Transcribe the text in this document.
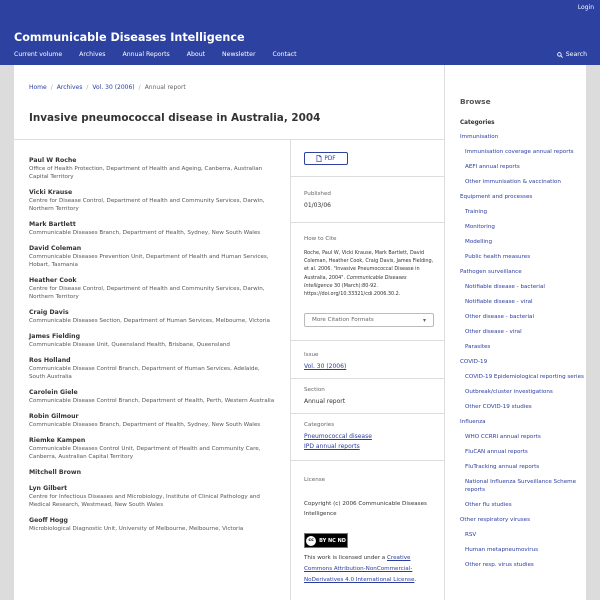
Login
Communicable Diseases Intelligence
Current volume	Archives	Annual Reports	About	Newsletter	Contact	Search
Home / Archives / Vol. 30 (2006) / Annual report
Invasive pneumococcal disease in Australia, 2004
Paul W Roche
Office of Health Protection, Department of Health and Ageing, Canberra, Australian Capital Territory
Vicki Krause
Centre for Disease Control, Department of Health and Community Services, Darwin, Northern Territory
Mark Bartlett
Communicable Diseases Branch, Department of Health, Sydney, New South Wales
David Coleman
Communicable Diseases Prevention Unit, Department of Health and Human Services, Hobart, Tasmania
Heather Cook
Centre for Disease Control, Department of Health and Community Services, Darwin, Northern Territory
Craig Davis
Communicable Diseases Section, Department of Human Services, Melbourne, Victoria
James Fielding
Communicable Disease Unit, Queensland Health, Brisbane, Queensland
Ros Holland
Communicable Disease Control Branch, Department of Human Services, Adelaide, South Australia
Carolein Giele
Communicable Disease Control Branch, Department of Health, Perth, Western Australia
Robin Gilmour
Communicable Diseases Branch, Department of Health, Sydney, New South Wales
Riemke Kampen
Communicable Diseases Control Unit, Department of Health and Community Care, Canberra, Australian Capital Territory
Mitchell Brown
Lyn Gilbert
Centre for Infectious Diseases and Microbiology, Institute of Clinical Pathology and Medical Research, Westmead, New South Wales
Geoff Hogg
Microbiological Diagnostic Unit, University of Melbourne, Melbourne, Victoria
PDF
Published
01/03/06
How to Cite
Roche, Paul W, Vicki Krause, Mark Bartlett, David Coleman, Heather Cook, Craig Davis, James Fielding, et al. 2006. "Invasive Pneumococcal Disease in Australia, 2004". Communicable Diseases Intelligence 30 (March):80-92. https://doi.org/10.33321/cdi.2006.30.2.
More Citation Formats	▾
Issue
Vol. 30 (2006)
Section
Annual report
Categories
Pneumococcal disease
IPD annual reports
License
Copyright (c) 2006 Communicable Diseases Intelligence
cc	BY NC ND
This work is licensed under a Creative Commons Attribution-NonCommercial-NoDerivatives 4.0 International License.
Browse
Categories
Immunisation
Immunisation coverage annual reports
AEFI annual reports
Other immunisation & vaccination
Equipment and processes
Training
Monitoring
Modelling
Public health measures
Pathogen surveillance
Notifiable disease - bacterial
Notifiable disease - viral
Other disease - bacterial
Other disease - viral
Parasites
COVID-19
COVID-19 Epidemiological reporting series
Outbreak/cluster investigations
Other COVID-19 studies
Influenza
WHO CCRRI annual reports
FluCAN annual reports
FluTracking annual reports
National Influenza Surveillance Scheme reports
Other flu studies
Other respiratory viruses
RSV
Human metapneumovirus
Other resp. virus studies
